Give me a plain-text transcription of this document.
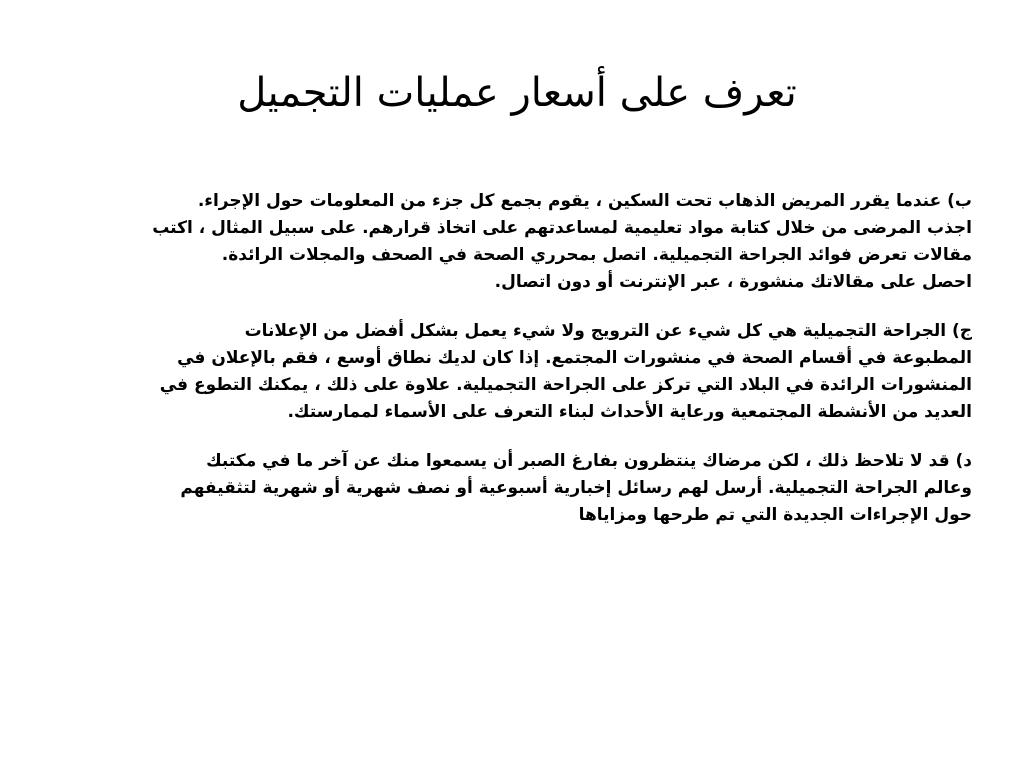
تعرف على أسعار عمليات التجميل

ب) عندما يقرر المريض الذهاب تحت السكين ، يقوم بجمع كل جزء من المعلومات حول الإجراء.
اجذب المرضى من خلال كتابة مواد تعليمية لمساعدتهم على اتخاذ قرارهم. على سبيل المثال ، اكتب
مقالات تعرض فوائد الجراحة التجميلية. اتصل بمحرري الصحة في الصحف والمجلات الرائدة.
احصل على مقالاتك منشورة ، عبر الإنترنت أو دون اتصال.

ج) الجراحة التجميلية هي كل شيء عن الترويج ولا شيء يعمل بشكل أفضل من الإعلانات
المطبوعة في أقسام الصحة في منشورات المجتمع. إذا كان لديك نطاق أوسع ، فقم بالإعلان في
المنشورات الرائدة في البلاد التي تركز على الجراحة التجميلية. علاوة على ذلك ، يمكنك التطوع في
العديد من الأنشطة المجتمعية ورعاية الأحداث لبناء التعرف على الأسماء لممارستك.

د) قد لا تلاحظ ذلك ، لكن مرضاك ينتظرون بفارغ الصبر أن يسمعوا منك عن آخر ما في مكتبك
وعالم الجراحة التجميلية. أرسل لهم رسائل إخبارية أسبوعية أو نصف شهرية أو شهرية لتثقيفهم
حول الإجراءات الجديدة التي تم طرحها ومزاياها
